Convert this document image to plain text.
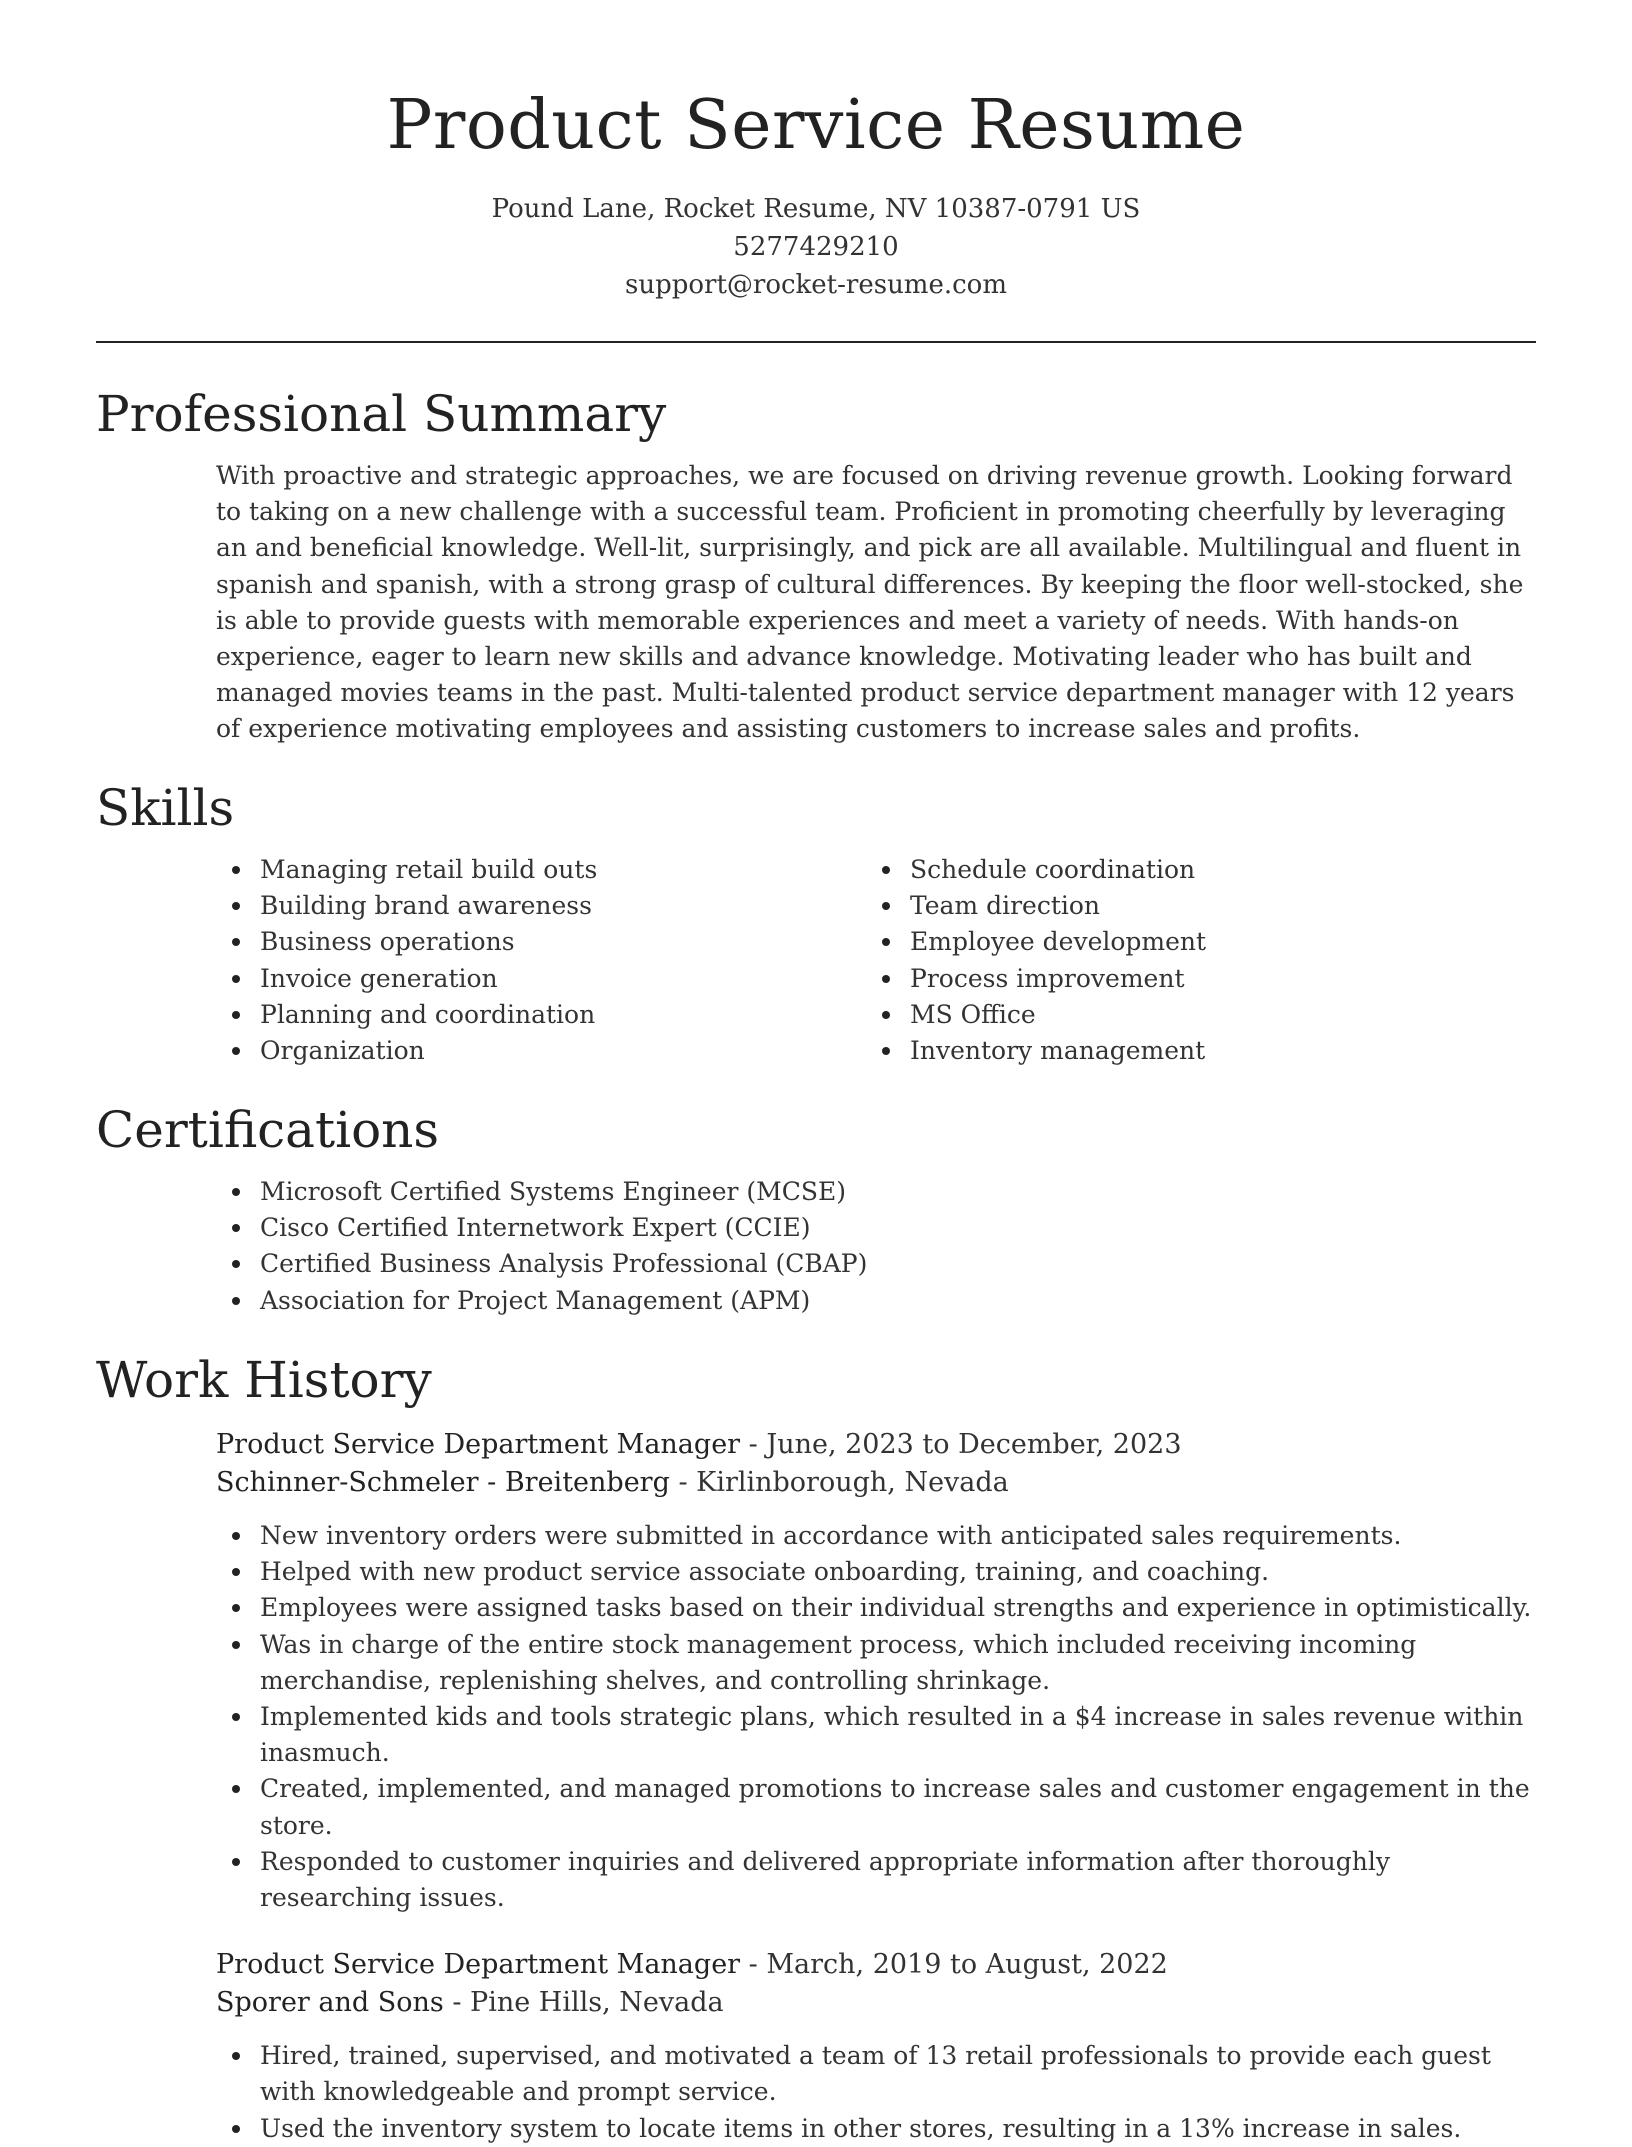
Product Service Resume

Pound Lane, Rocket Resume, NV 10387-0791 US

5277429210

support@rocket-resume.com

Professional Summary

With proactive and strategic approaches, we are focused on driving revenue growth. Looking forward to taking on a new challenge with a successful team. Proficient in promoting cheerfully by leveraging an and beneficial knowledge. Well-lit, surprisingly, and pick are all available. Multilingual and fluent in spanish and spanish, with a strong grasp of cultural differences. By keeping the floor well-stocked, she is able to provide guests with memorable experiences and meet a variety of needs. With hands-on experience, eager to learn new skills and advance knowledge. Motivating leader who has built and managed movies teams in the past. Multi-talented product service department manager with 12 years of experience motivating employees and assisting customers to increase sales and profits.

Skills
Managing retail build outs
Building brand awareness
Business operations
Invoice generation
Planning and coordination
Organization
Schedule coordination
Team direction
Employee development
Process improvement
MS Office
Inventory management
Certifications
Microsoft Certified Systems Engineer (MCSE)
Cisco Certified Internetwork Expert (CCIE)
Certified Business Analysis Professional (CBAP)
Association for Project Management (APM)
Work History

Product Service Department Manager - June, 2023 to December, 2023

Schinner-Schmeler - Breitenberg - Kirlinborough, Nevada

New inventory orders were submitted in accordance with anticipated sales requirements.
Helped with new product service associate onboarding, training, and coaching.
Employees were assigned tasks based on their individual strengths and experience in optimistically.
Was in charge of the entire stock management process, which included receiving incoming merchandise, replenishing shelves, and controlling shrinkage.
Implemented kids and tools strategic plans, which resulted in a $4 increase in sales revenue within inasmuch.
Created, implemented, and managed promotions to increase sales and customer engagement in the store.
Responded to customer inquiries and delivered appropriate information after thoroughly researching issues.

Product Service Department Manager - March, 2019 to August, 2022

Sporer and Sons - Pine Hills, Nevada

Hired, trained, supervised, and motivated a team of 13 retail professionals to provide each guest with knowledgeable and prompt service.
Used the inventory system to locate items in other stores, resulting in a 13% increase in sales.
